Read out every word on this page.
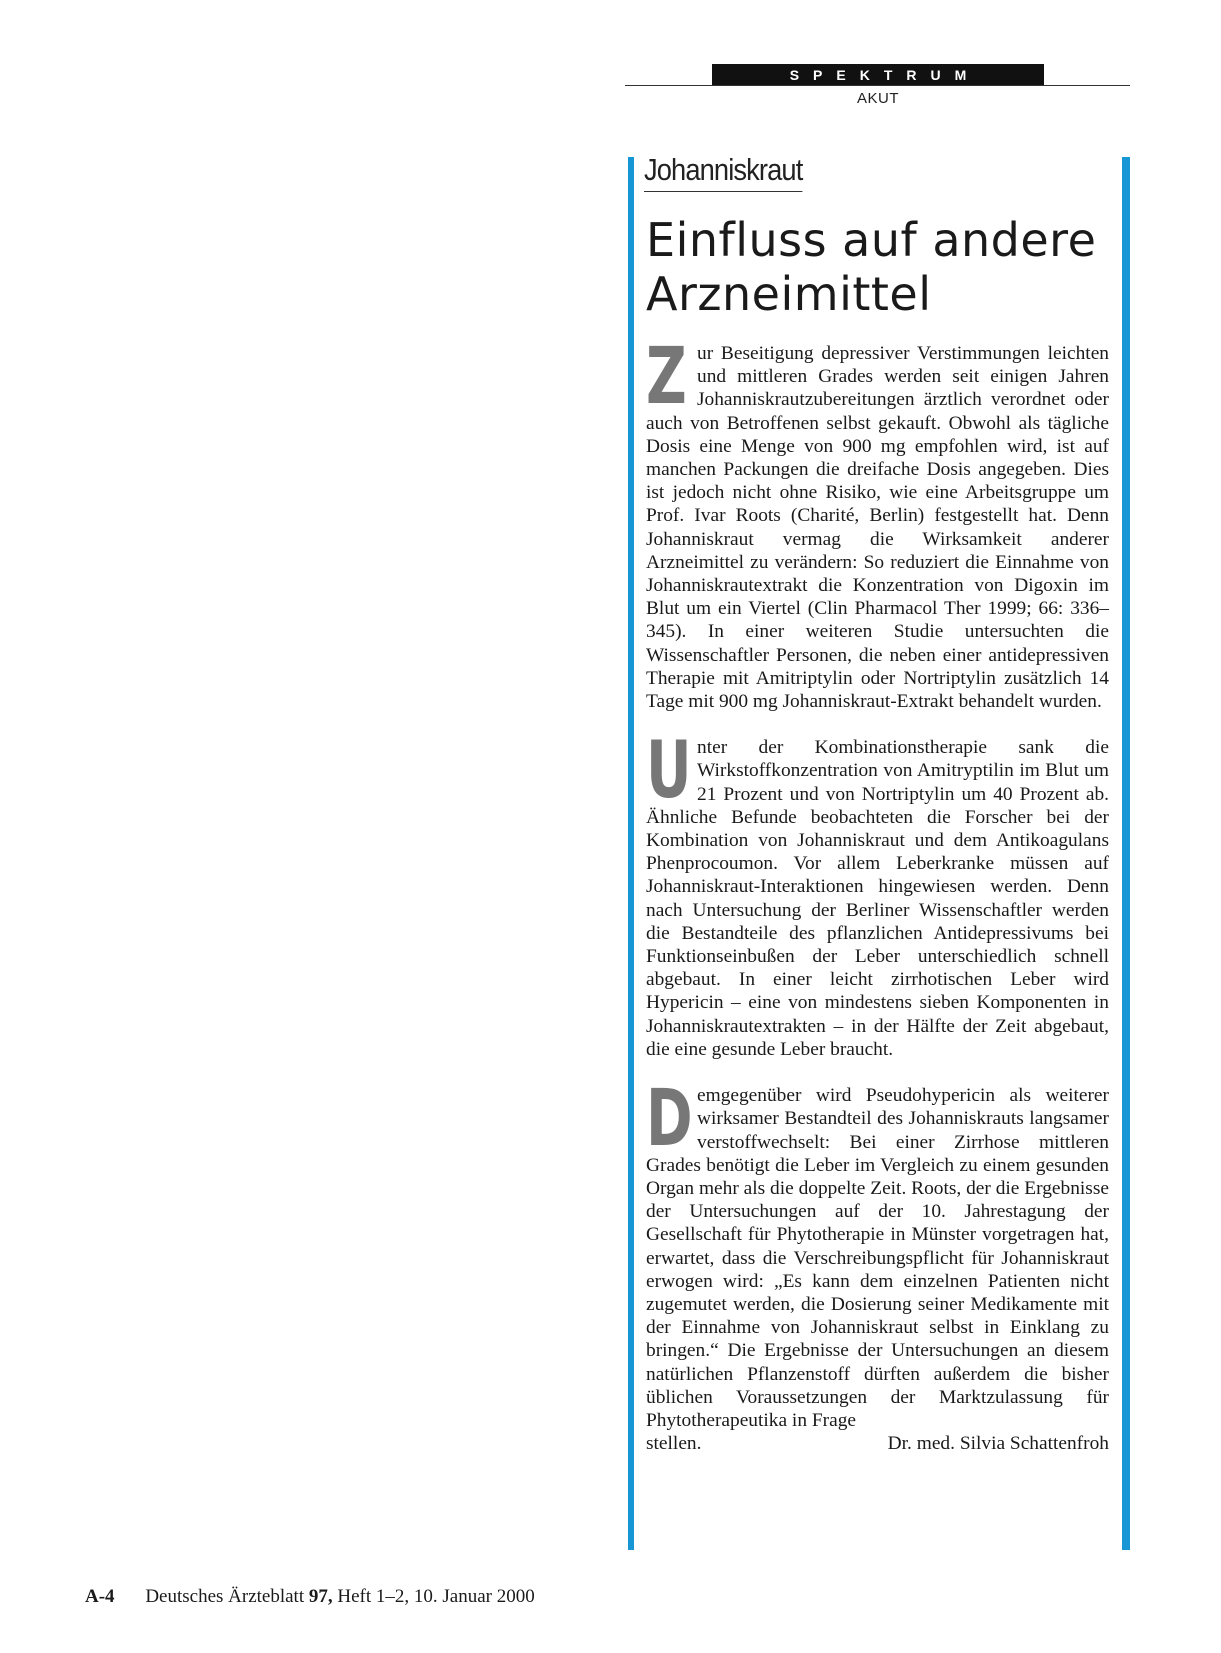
SPEKTRUM
AKUT
Johanniskraut
Einfluss auf andere
Arzneimittel

Z ur Beseitigung depressiver Verstimmungen leichten und mittleren Grades werden seit einigen Jahren Johanniskrautzubereitungen ärztlich verordnet oder auch von Betroffenen selbst gekauft. Obwohl als tägliche Dosis eine Menge von 900 mg empfohlen wird, ist auf manchen Packungen die dreifache Dosis angegeben. Dies ist jedoch nicht ohne Risiko, wie eine Arbeitsgruppe um Prof. Ivar Roots (Charité, Berlin) festgestellt hat. Denn Johanniskraut vermag die Wirksamkeit anderer Arzneimittel zu verändern: So reduziert die Einnahme von Johanniskrautextrakt die Konzentration von Digoxin im Blut um ein Viertel (Clin Pharmacol Ther 1999; 66: 336–345). In einer weiteren Studie untersuchten die Wissenschaftler Personen, die neben einer antidepressiven Therapie mit Amitriptylin oder Nortriptylin zusätzlich 14 Tage mit 900 mg Johanniskraut-Extrakt behandelt wurden.

U nter der Kombinationstherapie sank die Wirkstoffkonzentration von Amitryptilin im Blut um 21 Prozent und von Nortriptylin um 40 Prozent ab. Ähnliche Befunde beobachteten die Forscher bei der Kombination von Johanniskraut und dem Antikoagulans Phenprocoumon. Vor allem Leberkranke müssen auf Johanniskraut-Interaktionen hingewiesen werden. Denn nach Untersuchung der Berliner Wissenschaftler werden die Bestandteile des pflanzlichen Antidepressivums bei Funktionseinbußen der Leber unterschiedlich schnell abgebaut. In einer leicht zirrhotischen Leber wird Hypericin – eine von mindestens sieben Komponenten in Johanniskrautextrakten – in der Hälfte der Zeit abgebaut, die eine gesunde Leber braucht.

D emgegenüber wird Pseudohypericin als weiterer wirksamer Bestandteil des Johanniskrauts langsamer verstoffwechselt: Bei einer Zirrhose mittleren Grades benötigt die Leber im Vergleich zu einem gesunden Organ mehr als die doppelte Zeit. Roots, der die Ergebnisse der Untersuchungen auf der 10. Jahrestagung der Gesellschaft für Phytotherapie in Münster vorgetragen hat, erwartet, dass die Verschreibungspflicht für Johanniskraut erwogen wird: „Es kann dem einzelnen Patienten nicht zugemutet werden, die Dosierung seiner Medikamente mit der Einnahme von Johanniskraut selbst in Einklang zu bringen.“ Die Ergebnisse der Untersuchungen an diesem natürlichen Pflanzenstoff dürften außerdem die bisher üblichen Voraussetzungen der Marktzulassung für Phytotherapeutika in Frage

stellen.	Dr. med. Silvia Schattenfroh
A-4 Deutsches Ärzteblatt 97, Heft 1–2, 10. Januar 2000
